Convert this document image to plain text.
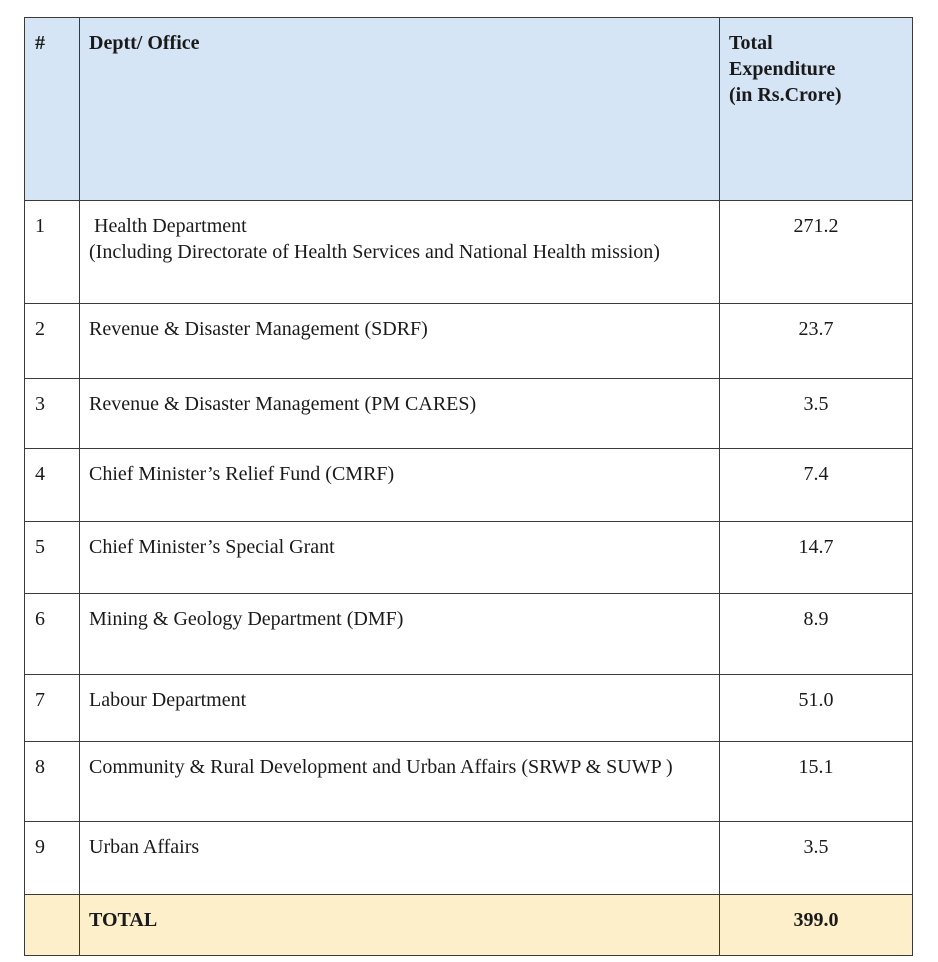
#	Deptt/ Office	Total
Expenditure
(in Rs.Crore)
1	Health Department
(Including Directorate of Health Services and National Health mission)	271.2
2	Revenue & Disaster Management (SDRF)	23.7
3	Revenue & Disaster Management (PM CARES)	3.5
4	Chief Minister’s Relief Fund (CMRF)	7.4
5	Chief Minister’s Special Grant	14.7
6	Mining & Geology Department (DMF)	8.9
7	Labour Department	51.0
8	Community & Rural Development and Urban Affairs (SRWP & SUWP )	15.1
9	Urban Affairs	3.5
	TOTAL	399.0
